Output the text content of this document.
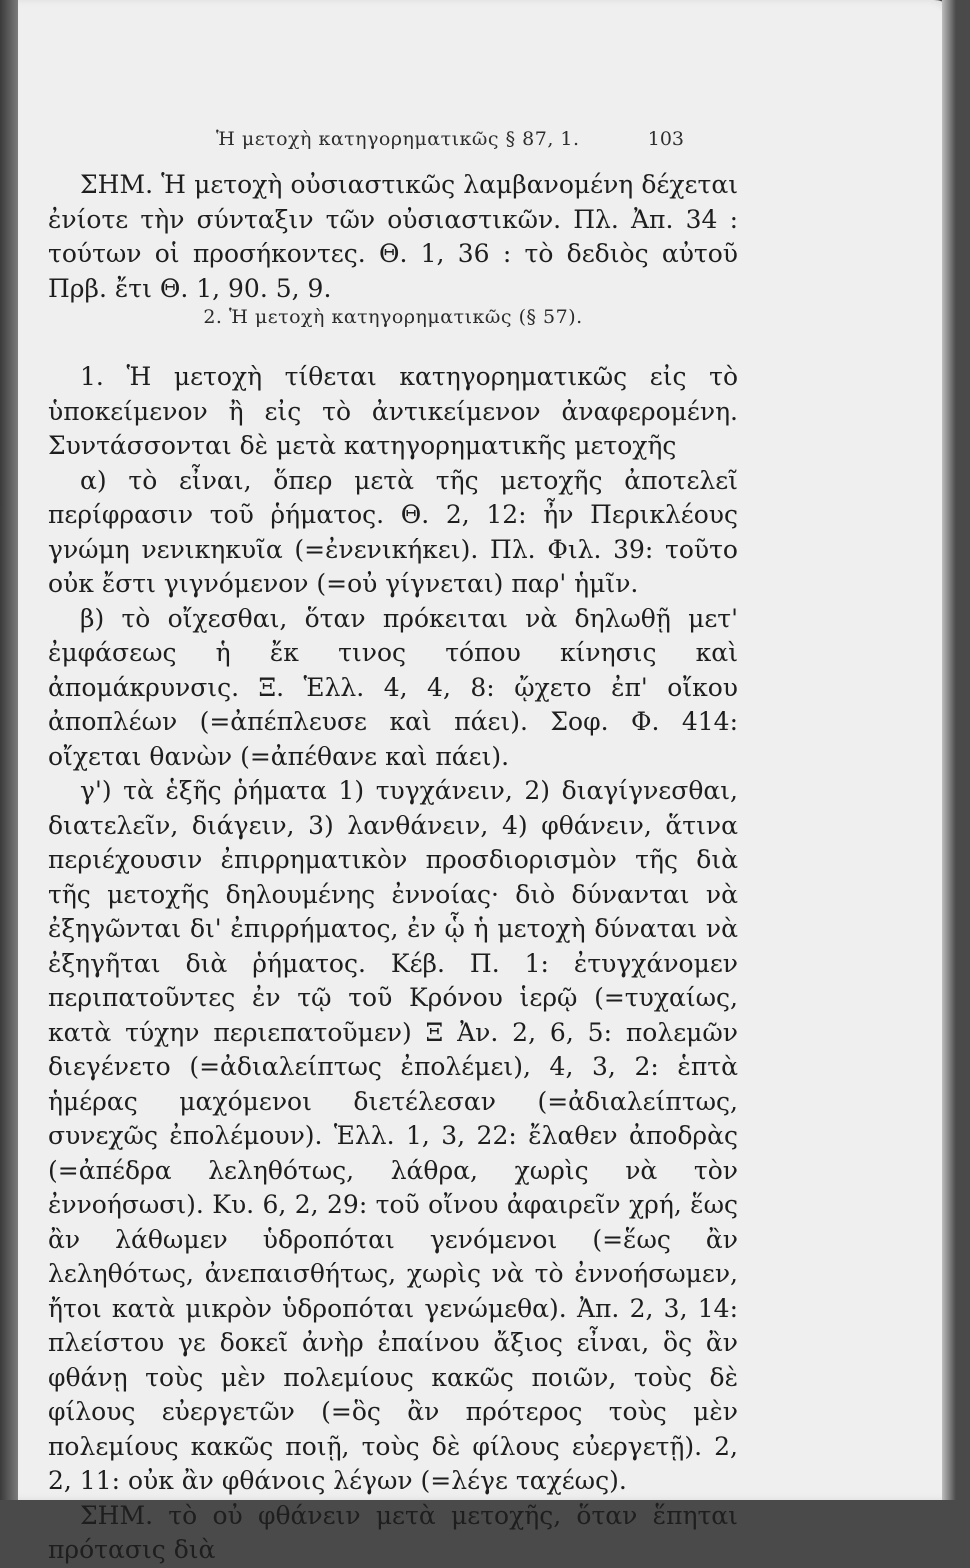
Ἡ μετοχὴ κατηγορηματικῶς § 87, 1.	103

ΣΗΜ. Ἡ μετοχὴ οὐσιαστικῶς λαμβανομένη δέχεται ἐνίοτε τὴν σύνταξιν τῶν οὐσιαστικῶν. Πλ. Ἀπ. 34 : τούτων οἱ προσήκοντες. Θ. 1, 36 : τὸ δεδιὸς αὐτοῦ Πρβ. ἔτι Θ. 1, 90. 5, 9.

2. Ἡ μετοχὴ κατηγορηματικῶς (§ 57).

1. Ἡ μετοχὴ τίθεται κατηγορηματικῶς εἰς τὸ ὑποκείμενον ἢ εἰς τὸ ἀντικείμενον ἀναφερομένη. Συντάσσονται δὲ μετὰ κατηγορηματικῆς μετοχῆς

α) τὸ εἶναι, ὅπερ μετὰ τῆς μετοχῆς ἀποτελεῖ περίφρασιν τοῦ ῥήματος. Θ. 2, 12: ἦν Περικλέους γνώμη νενικηκυῖα (=ἐνενικήκει). Πλ. Φιλ. 39: τοῦτο οὐκ ἔστι γιγνόμενον (=οὐ γίγνεται) παρ' ἡμῖν.

β) τὸ οἴχεσθαι, ὅταν πρόκειται νὰ δηλωθῇ μετ' ἐμφάσεως ἡ ἔκ τινος τόπου κίνησις καὶ ἀπομάκρυνσις. Ξ. Ἑλλ. 4, 4, 8: ᾤχετο ἐπ' οἴκου ἀποπλέων (=ἀπέπλευσε καὶ πάει). Σοφ. Φ. 414: οἴχεται θανὼν (=ἀπέθανε καὶ πάει).

γ') τὰ ἑξῆς ῥήματα 1) τυγχάνειν, 2) διαγίγνεσθαι, διατελεῖν, διάγειν, 3) λανθάνειν, 4) φθάνειν, ἅτινα περιέχουσιν ἐπιρρηματικὸν προσδιορισμὸν τῆς διὰ τῆς μετοχῆς δηλουμένης ἐννοίας· διὸ δύνανται νὰ ἐξηγῶνται δι' ἐπιρρήματος, ἐν ᾧ ἡ μετοχὴ δύναται νὰ ἐξηγῆται διὰ ῥήματος. Κέβ. Π. 1: ἐτυγχάνομεν περιπατοῦντες ἐν τῷ τοῦ Κρόνου ἱερῷ (=τυχαίως, κατὰ τύχην περιεπατοῦμεν) Ξ Ἀν. 2, 6, 5: πολεμῶν διεγένετο (=ἀδιαλείπτως ἐπολέμει), 4, 3, 2: ἑπτὰ ἡμέρας μαχόμενοι διετέλεσαν (=ἀδιαλείπτως, συνεχῶς ἐπολέμουν). Ἑλλ. 1, 3, 22: ἔλαθεν ἀποδρὰς (=ἀπέδρα λεληθότως, λάθρα, χωρὶς νὰ τὸν ἐννοήσωσι). Κυ. 6, 2, 29: τοῦ οἴνου ἀφαιρεῖν χρή, ἕως ἂν λάθωμεν ὑδροπόται γενόμενοι (=ἕως ἂν λεληθότως, ἀνεπαισθήτως, χωρὶς νὰ τὸ ἐννοήσωμεν, ἤτοι κατὰ μικρὸν ὑδροπόται γενώμεθα). Ἀπ. 2, 3, 14: πλείστου γε δοκεῖ ἀνὴρ ἐπαίνου ἄξιος εἶναι, ὃς ἂν φθάνῃ τοὺς μὲν πολεμίους κακῶς ποιῶν, τοὺς δὲ φίλους εὐεργετῶν (=ὃς ἂν πρότερος τοὺς μὲν πολεμίους κακῶς ποιῇ, τοὺς δὲ φίλους εὐεργετῇ). 2, 2, 11: οὐκ ἂν φθάνοις λέγων (=λέγε ταχέως).

ΣΗΜ. τὸ οὐ φθάνειν μετὰ μετοχῆς, ὅταν ἕπηται πρότασις διὰ
